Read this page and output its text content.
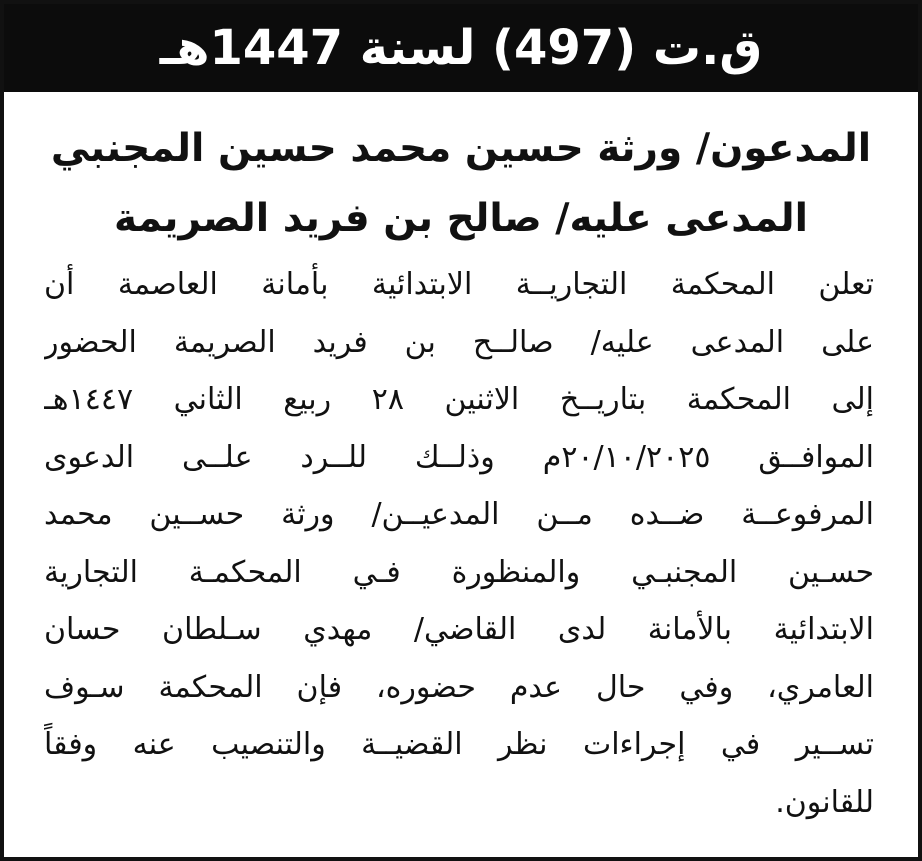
ق.ت (497) لسنة 1447هـ
المدعون/ ورثة حسين محمد حسين المجنبي
المدعى عليه/ صالح بن فريد الصريمة
تعلن المحكمة التجاريــة الابتدائية بأمانة العاصمة أن
على المدعى عليه/ صالــح بن فريد الصريمة الحضور
إلى المحكمة بتاريــخ الاثنين ٢٨ ربيع الثاني ١٤٤٧هـ
الموافــق ٢٠/١٠/٢٠٢٥م وذلــك للــرد علــى الدعوى
المرفوعــة ضــده مــن المدعيــن/ ورثة حســين محمد
حسـين المجنبـي والمنظورة فـي المحكمـة التجارية
الابتدائية بالأمانة لدى القاضي/ مهدي سـلطان حسان
العامري، وفي حال عدم حضوره، فإن المحكمة سـوف
تســير في إجراءات نظر القضيــة والتنصيب عنه وفقاً
للقانون.
